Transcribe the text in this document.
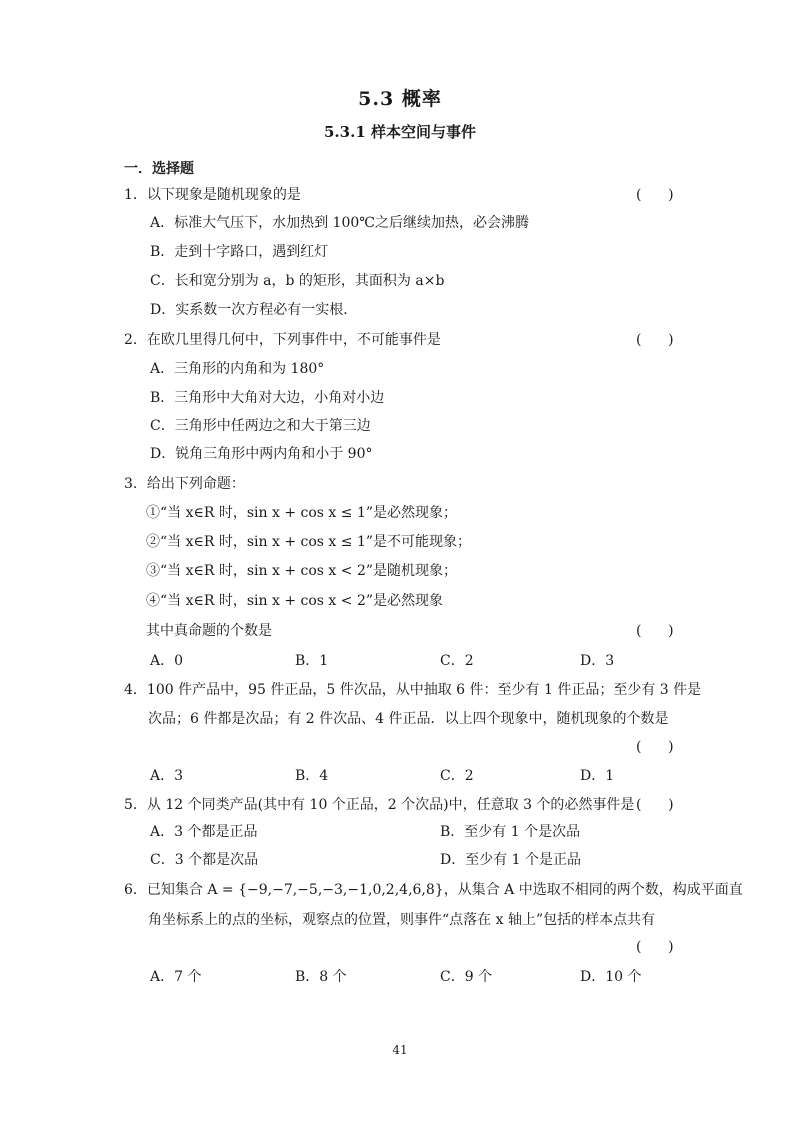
5.3 概率
5.3.1 样本空间与事件
一．选择题
1．以下现象是随机现象的是	(      )
A．标准大气压下，水加热到 100℃之后继续加热，必会沸腾
B．走到十字路口，遇到红灯
C．长和宽分别为 a，b 的矩形，其面积为 a×b
D．实系数一次方程必有一实根．
2．在欧几里得几何中，下列事件中，不可能事件是	(      )
A．三角形的内角和为 180°
B．三角形中大角对大边，小角对小边
C．三角形中任两边之和大于第三边
D．锐角三角形中两内角和小于 90°
3．给出下列命题：
①“当 x∈R 时，sin x + cos x ≤ 1”是必然现象；
②“当 x∈R 时，sin x + cos x ≤ 1”是不可能现象；
③“当 x∈R 时，sin x + cos x < 2”是随机现象；
④“当 x∈R 时，sin x + cos x < 2”是必然现象
其中真命题的个数是	(      )
A．0	B．1	C．2	D．3
4．100 件产品中，95 件正品，5 件次品，从中抽取 6 件：至少有 1 件正品；至少有 3 件是
次品；6 件都是次品；有 2 件次品、4 件正品．以上四个现象中，随机现象的个数是
(      )
A．3	B．4	C．2	D．1
5．从 12 个同类产品(其中有 10 个正品，2 个次品)中，任意取 3 个的必然事件是 (      )
A．3 个都是正品	B．至少有 1 个是次品
C．3 个都是次品	D．至少有 1 个是正品
6．已知集合 A = {−9,−7,−5,−3,−1,0,2,4,6,8}，从集合 A 中选取不相同的两个数，构成平面直
角坐标系上的点的坐标，观察点的位置，则事件“点落在 x 轴上”包括的样本点共有
(      )
A．7 个	B．8 个	C．9 个	D．10 个
41
